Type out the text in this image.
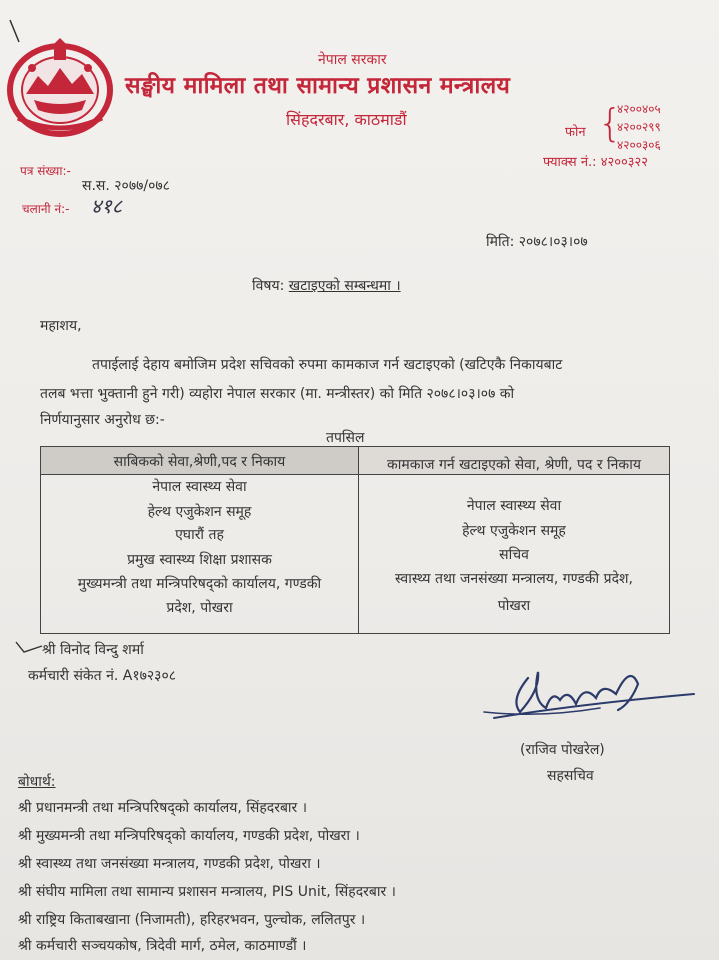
नेपाल सरकार
सङ्घीय मामिला तथा सामान्य प्रशासन मन्त्रालय
सिंहदरबार, काठमाडौं
फोन {
४२००४०५
४२००२९९
४२००३०६
फ्याक्स नं.: ४२००३२२
पत्र संख्या:-
स.स. २०७७/०७८
चलानी नं:- ४१८
मिति: २०७८।०३।०७
विषय: खटाइएको सम्बन्धमा ।
महाशय,
तपाईलाई देहाय बमोजिम प्रदेश सचिवको रुपमा कामकाज गर्न खटाइएको (खटिएकै निकायबाट
तलब भत्ता भुक्तानी हुने गरी) व्यहोरा नेपाल सरकार (मा. मन्त्रीस्तर) को मिति २०७८।०३।०७ को
निर्णयानुसार अनुरोध छ:-
तपसिल
साबिकको सेवा,श्रेणी,पद र निकाय	कामकाज गर्न खटाइएको सेवा, श्रेणी, पद र निकाय
नेपाल स्वास्थ्य सेवा
हेल्थ एजुकेशन समूह
एघारौं तह
प्रमुख स्वास्थ्य शिक्षा प्रशासक
मुख्यमन्त्री तथा मन्त्रिपरिषद्को कार्यालय, गण्डकी
प्रदेश, पोखरा
नेपाल स्वास्थ्य सेवा
हेल्थ एजुकेशन समूह
सचिव
स्वास्थ्य तथा जनसंख्या मन्त्रालय, गण्डकी प्रदेश,
पोखरा
श्री विनोद विन्दु शर्मा
कर्मचारी संकेत नं. A१७२३०८
(राजिव पोखरेल)
सहसचिव
बोधार्थ:
श्री प्रधानमन्त्री तथा मन्त्रिपरिषद्को कार्यालय, सिंहदरबार ।
श्री मुख्यमन्त्री तथा मन्त्रिपरिषद्को कार्यालय, गण्डकी प्रदेश, पोखरा ।
श्री स्वास्थ्य तथा जनसंख्या मन्त्रालय, गण्डकी प्रदेश, पोखरा ।
श्री संघीय मामिला तथा सामान्य प्रशासन मन्त्रालय, PIS Unit, सिंहदरबार ।
श्री राष्ट्रिय किताबखाना (निजामती), हरिहरभवन, पुल्चोक, ललितपुर ।
श्री कर्मचारी सञ्चयकोष, त्रिदेवी मार्ग, ठमेल, काठमाण्डौं ।
